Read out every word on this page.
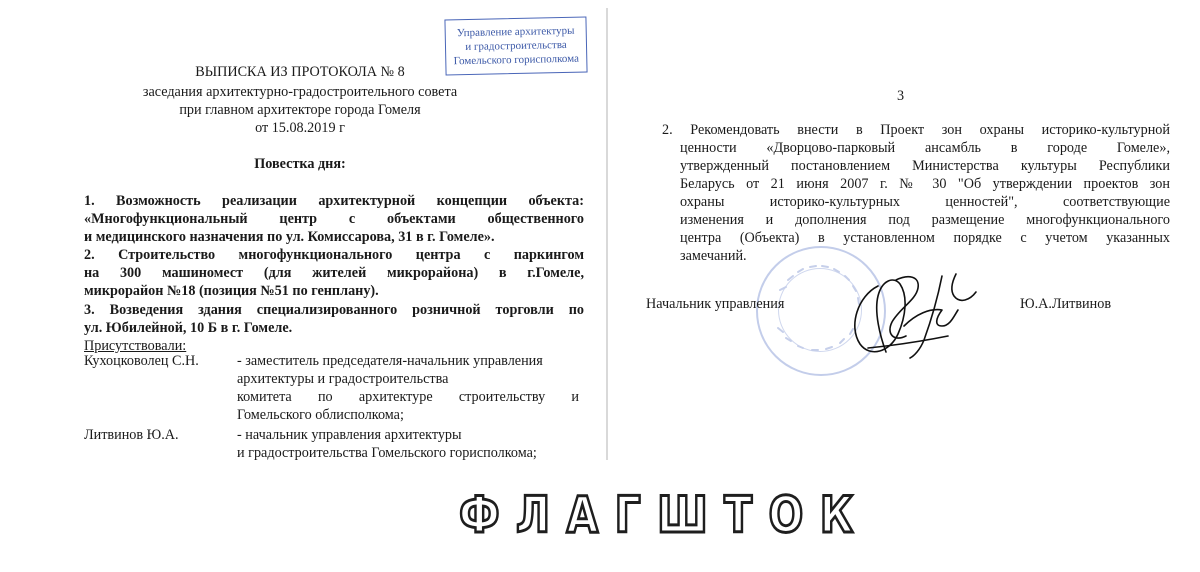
Управление архитектуры
и градостроительства
Гомельского горисполкома
ВЫПИСКА ИЗ ПРОТОКОЛА № 8
заседания архитектурно-градостроительного совета
при главном архитекторе города Гомеля
от 15.08.2019 г
Повестка дня:
1. Возможность реализации архитектурной концепции объекта:
«Многофункциональный центр с объектами общественного
и медицинского назначения по ул. Комиссарова, 31 в г. Гомеле».
2. Строительство многофункционального центра с паркингом
на 300 машиномест (для жителей микрорайона) в г.Гомеле,
микрорайон №18 (позиция №51 по генплану).
3. Возведения здания специализированного розничной торговли по
ул. Юбилейной, 10 Б в г. Гомеле.
Присутствовали:
Кухоцковолец С.Н.	- заместитель председателя-начальник управления
архитектуры и градостроительства
комитета по архитектуре строительству и
Гомельского облисполкома;
Литвинов Ю.А.	- начальник управления архитектуры
и градостроительства Гомельского горисполкома;
3
2. Рекомендовать внести в Проект зон охраны историко-культурной
ценности «Дворцово-парковый ансамбль в городе Гомеле»,
утвержденный постановлением Министерства культуры Республики
Беларусь от 21 июня 2007 г. № 30 "Об утверждении проектов зон
охраны историко-культурных ценностей", соответствующие
изменения и дополнения под размещение многофункционального
центра (Объекта) в установленном порядке с учетом указанных
замечаний.
Начальник управления	Ю.А.Литвинов
ФЛАГШТОК
